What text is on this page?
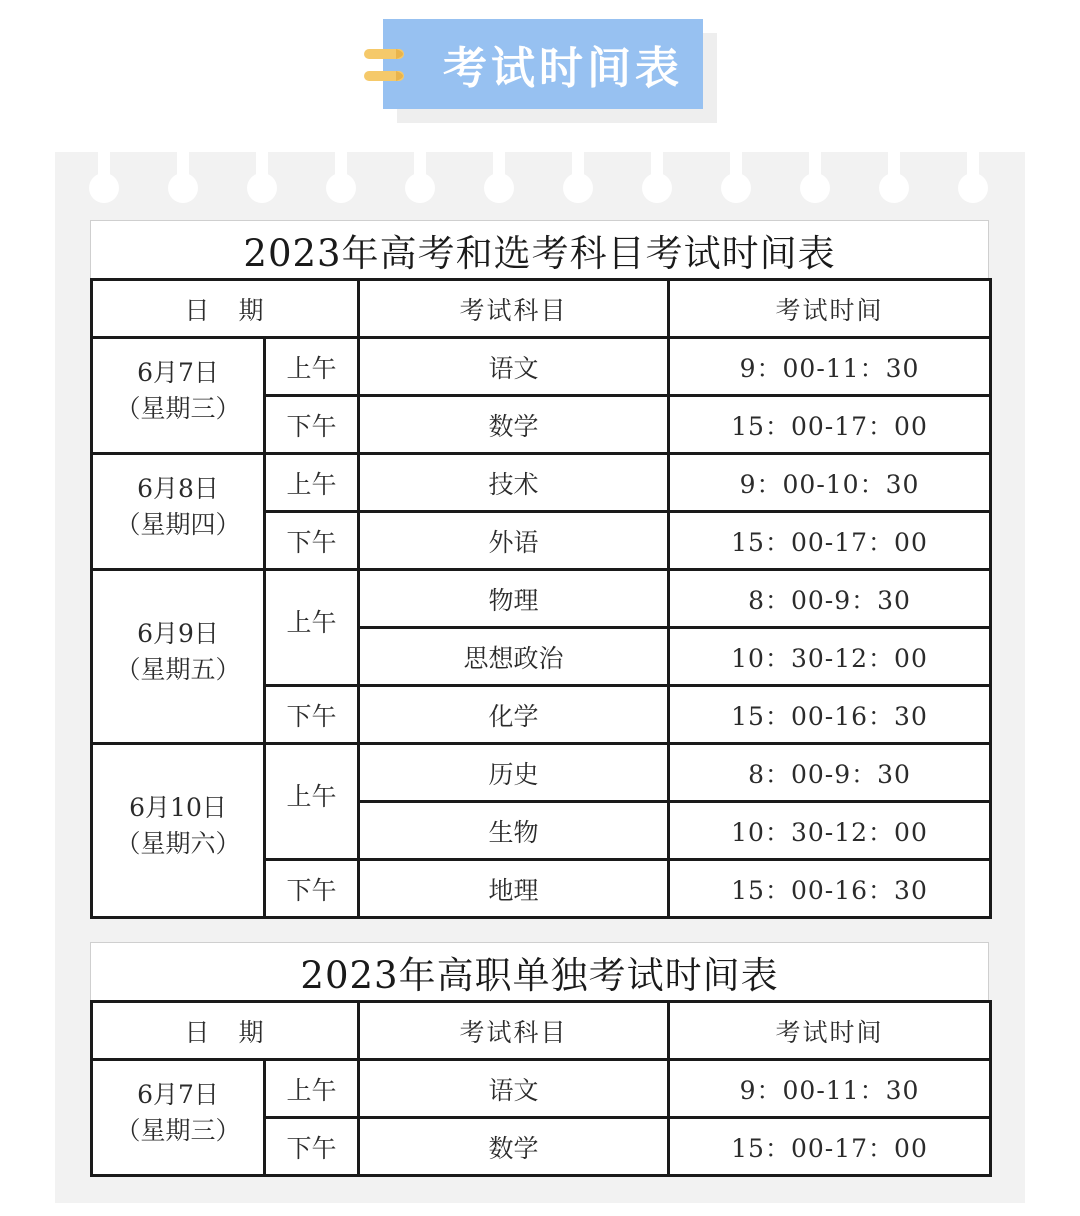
考试时间表
2023年高考和选考科目考试时间表
日　期		考试科目	考试时间

6月7日
（星期三）	上午	语文	9：00-11：30
	下午	数学	15：00-17：00

6月8日
（星期四）	上午	技术	9：00-10：30
	下午	外语	15：00-17：00

6月9日
（星期五）	上午	物理	8：00-9：30
		思想政治	10：30-12：00
	下午	化学	15：00-16：30

6月10日
（星期六）	上午	历史	8：00-9：30
		生物	10：30-12：00
	下午	地理	15：00-16：30
2023年高职单独考试时间表
日　期		考试科目	考试时间

6月7日
（星期三）	上午	语文	9：00-11：30
	下午	数学	15：00-17：00
